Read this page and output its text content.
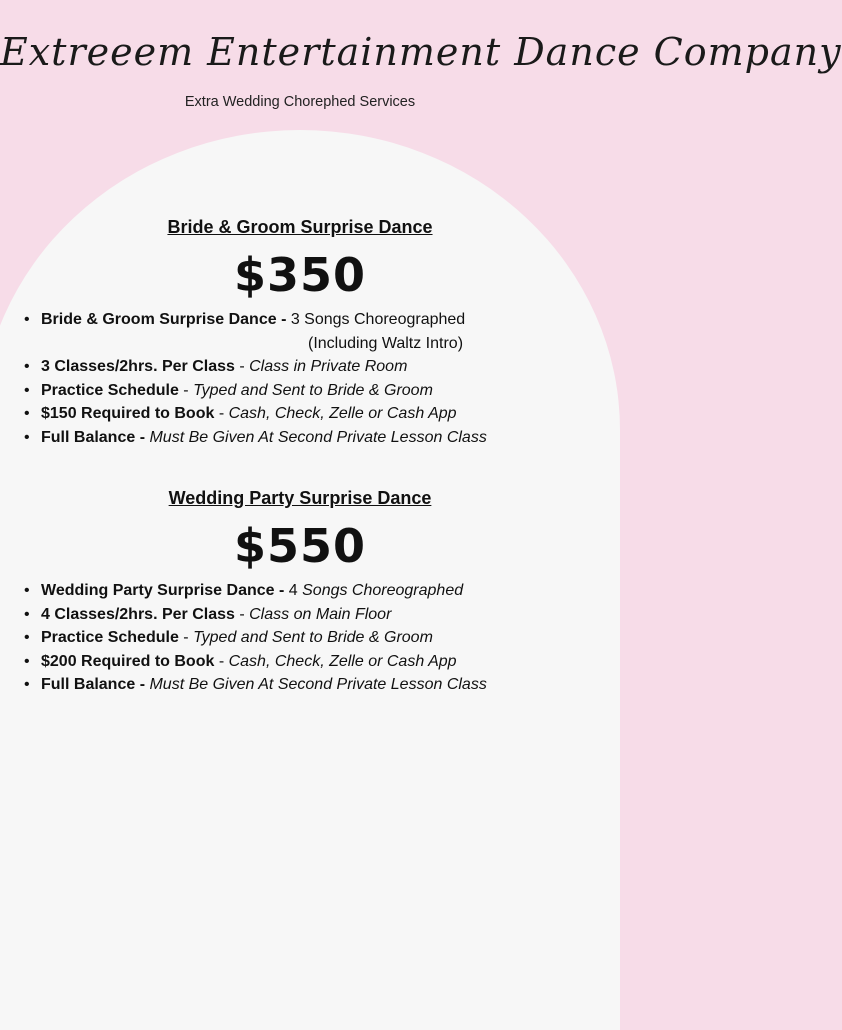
Extreeem Entertainment Dance Company
Extra Wedding Chorephed Services
Bride & Groom Surprise Dance
$350
• Bride & Groom Surprise Dance - 3 Songs Choreographed
(Including Waltz Intro)
• 3 Classes/2hrs. Per Class - Class in Private Room
• Practice Schedule - Typed and Sent to Bride & Groom
• $150 Required to Book - Cash, Check, Zelle or Cash App
• Full Balance - Must Be Given At Second Private Lesson Class
Wedding Party Surprise Dance
$550
• Wedding Party Surprise Dance - 4 Songs Choreographed
• 4 Classes/2hrs. Per Class - Class on Main Floor
• Practice Schedule - Typed and Sent to Bride & Groom
• $200 Required to Book - Cash, Check, Zelle or Cash App
• Full Balance - Must Be Given At Second Private Lesson Class
